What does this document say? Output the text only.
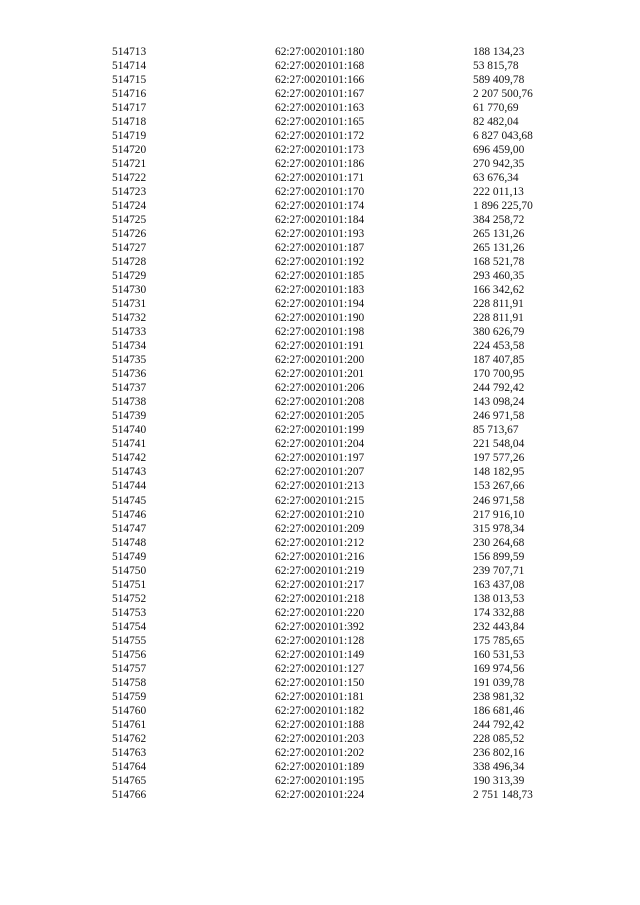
514713	62:27:0020101:180	188 134,23
514714	62:27:0020101:168	53 815,78
514715	62:27:0020101:166	589 409,78
514716	62:27:0020101:167	2 207 500,76
514717	62:27:0020101:163	61 770,69
514718	62:27:0020101:165	82 482,04
514719	62:27:0020101:172	6 827 043,68
514720	62:27:0020101:173	696 459,00
514721	62:27:0020101:186	270 942,35
514722	62:27:0020101:171	63 676,34
514723	62:27:0020101:170	222 011,13
514724	62:27:0020101:174	1 896 225,70
514725	62:27:0020101:184	384 258,72
514726	62:27:0020101:193	265 131,26
514727	62:27:0020101:187	265 131,26
514728	62:27:0020101:192	168 521,78
514729	62:27:0020101:185	293 460,35
514730	62:27:0020101:183	166 342,62
514731	62:27:0020101:194	228 811,91
514732	62:27:0020101:190	228 811,91
514733	62:27:0020101:198	380 626,79
514734	62:27:0020101:191	224 453,58
514735	62:27:0020101:200	187 407,85
514736	62:27:0020101:201	170 700,95
514737	62:27:0020101:206	244 792,42
514738	62:27:0020101:208	143 098,24
514739	62:27:0020101:205	246 971,58
514740	62:27:0020101:199	85 713,67
514741	62:27:0020101:204	221 548,04
514742	62:27:0020101:197	197 577,26
514743	62:27:0020101:207	148 182,95
514744	62:27:0020101:213	153 267,66
514745	62:27:0020101:215	246 971,58
514746	62:27:0020101:210	217 916,10
514747	62:27:0020101:209	315 978,34
514748	62:27:0020101:212	230 264,68
514749	62:27:0020101:216	156 899,59
514750	62:27:0020101:219	239 707,71
514751	62:27:0020101:217	163 437,08
514752	62:27:0020101:218	138 013,53
514753	62:27:0020101:220	174 332,88
514754	62:27:0020101:392	232 443,84
514755	62:27:0020101:128	175 785,65
514756	62:27:0020101:149	160 531,53
514757	62:27:0020101:127	169 974,56
514758	62:27:0020101:150	191 039,78
514759	62:27:0020101:181	238 981,32
514760	62:27:0020101:182	186 681,46
514761	62:27:0020101:188	244 792,42
514762	62:27:0020101:203	228 085,52
514763	62:27:0020101:202	236 802,16
514764	62:27:0020101:189	338 496,34
514765	62:27:0020101:195	190 313,39
514766	62:27:0020101:224	2 751 148,73
